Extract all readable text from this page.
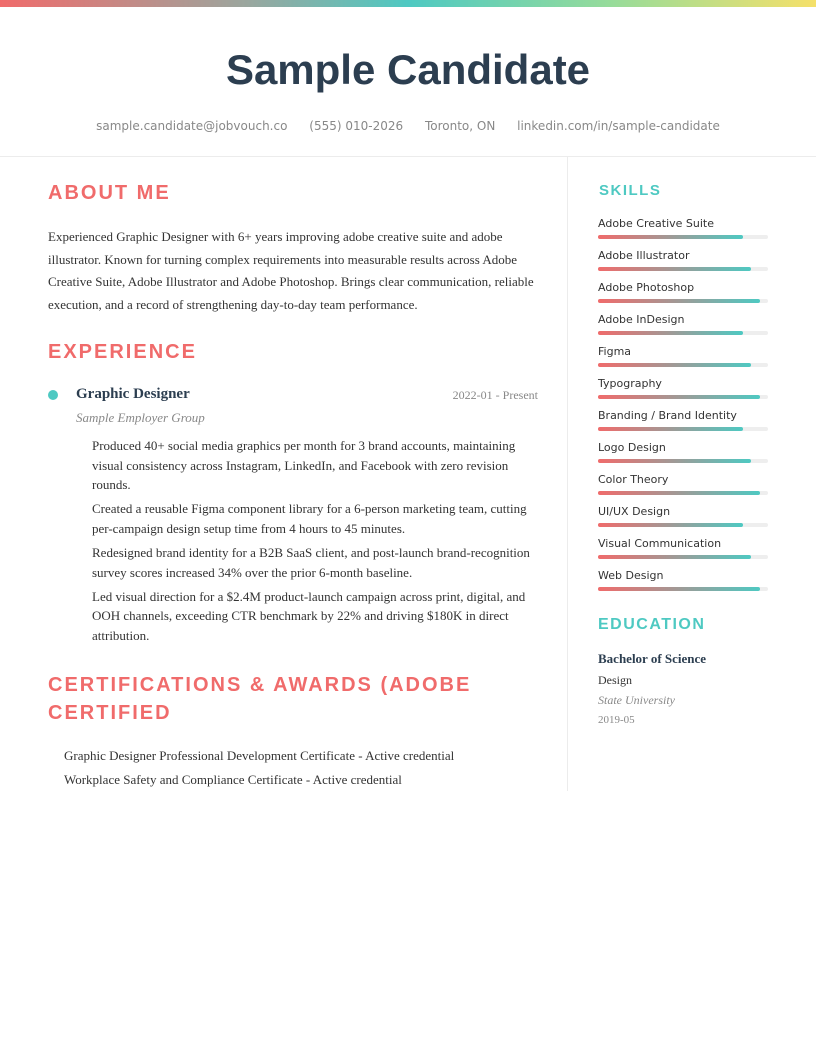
Sample Candidate
sample.candidate@jobvouch.co (555) 010-2026 Toronto, ON linkedin.com/in/sample-candidate
ABOUT ME

Experienced Graphic Designer with 6+ years improving adobe creative suite and adobe illustrator. Known for turning complex requirements into measurable results across Adobe Creative Suite, Adobe Illustrator and Adobe Photoshop. Brings clear communication, reliable execution, and a record of strengthening day-to-day team performance.

EXPERIENCE
Graphic Designer	2022-01 - Present
Sample Employer Group
Produced 40+ social media graphics per month for 3 brand accounts, maintaining visual consistency across Instagram, LinkedIn, and Facebook with zero revision rounds.
Created a reusable Figma component library for a 6-person marketing team, cutting per-campaign design setup time from 4 hours to 45 minutes.
Redesigned brand identity for a B2B SaaS client, and post-launch brand-recognition survey scores increased 34% over the prior 6-month baseline.
Led visual direction for a $2.4M product-launch campaign across print, digital, and OOH channels, exceeding CTR benchmark by 22% and driving $180K in direct attribution.
CERTIFICATIONS & AWARDS (ADOBE CERTIFIED
Graphic Designer Professional Development Certificate - Active credential
Workplace Safety and Compliance Certificate - Active credential
SKILLS
Adobe Creative Suite
Adobe Illustrator
Adobe Photoshop
Adobe InDesign
Figma
Typography
Branding / Brand Identity
Logo Design
Color Theory
UI/UX Design
Visual Communication
Web Design
EDUCATION
Bachelor of Science
Design
State University
2019-05
